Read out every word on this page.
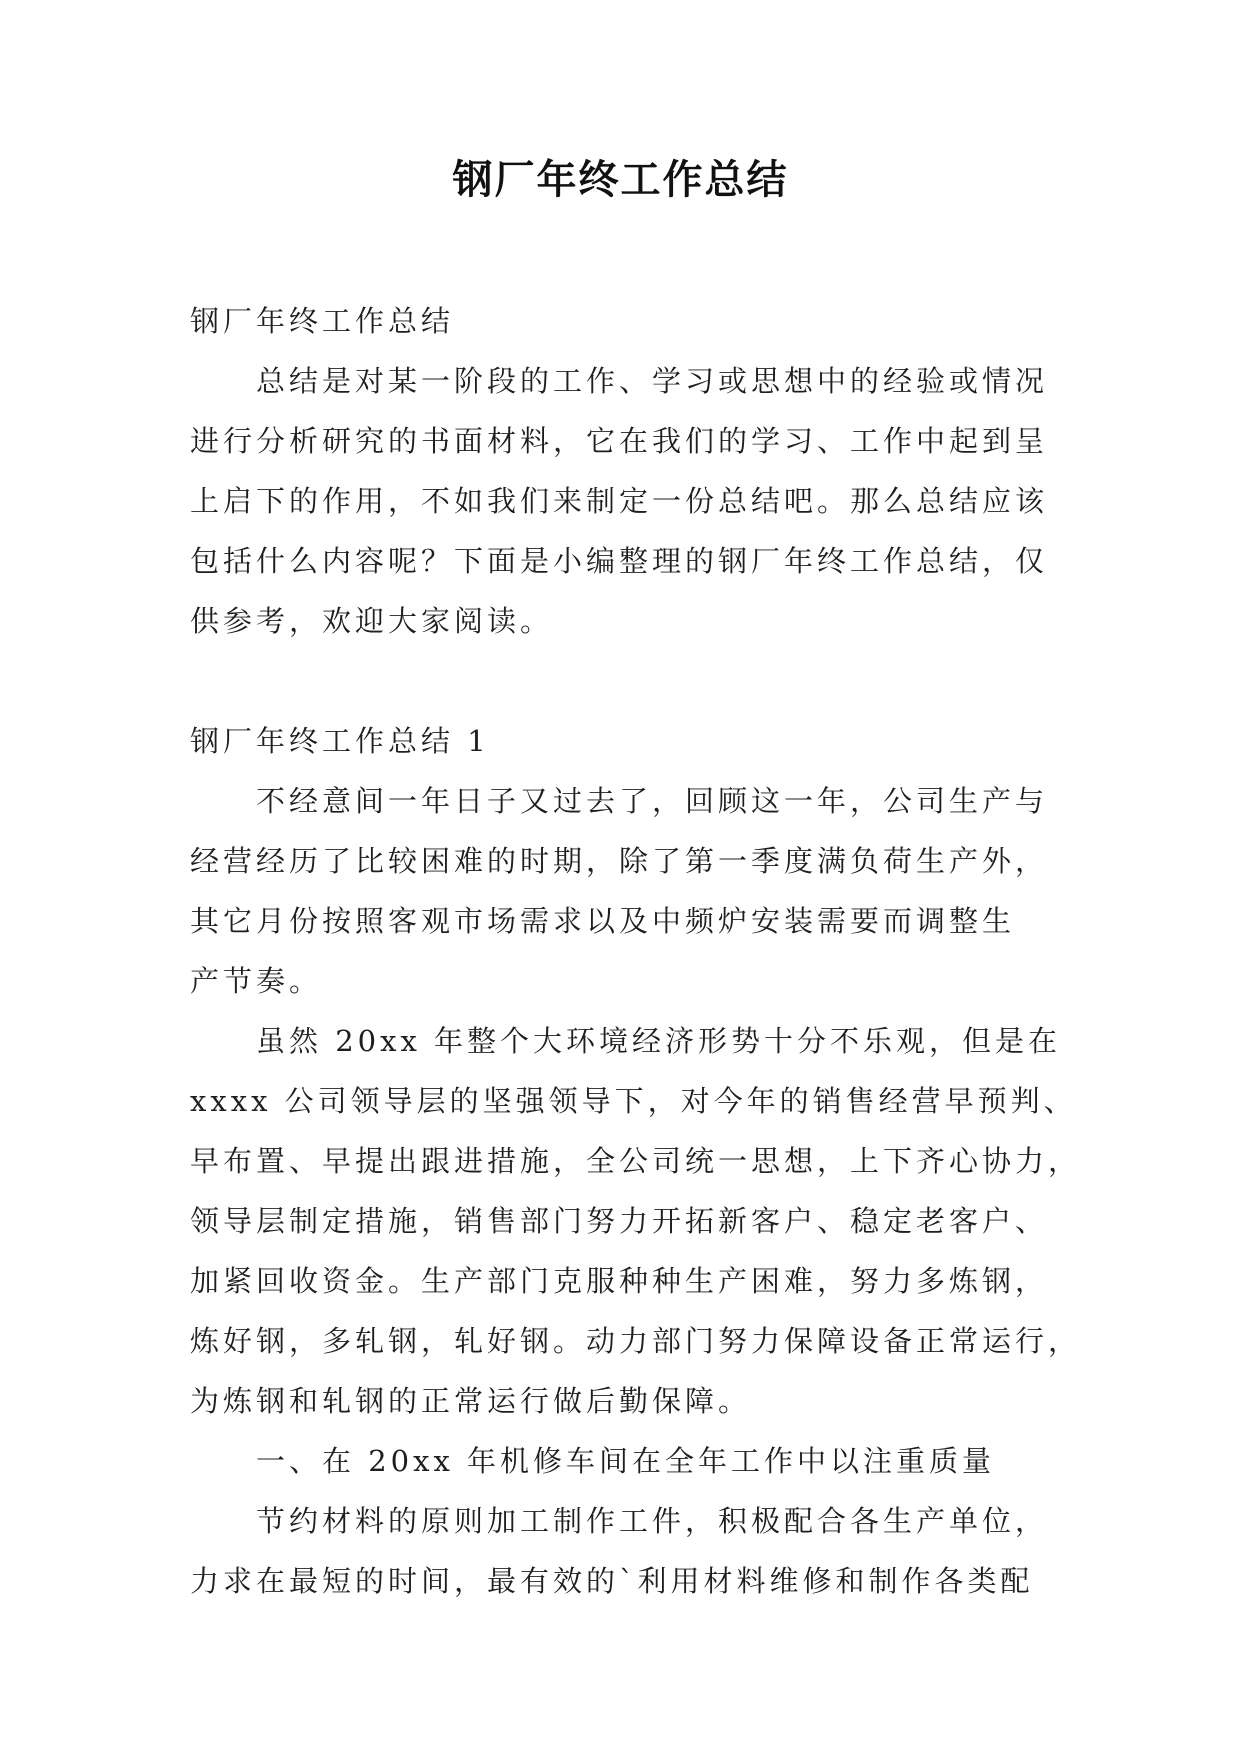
钢厂年终工作总结
钢厂年终工作总结
总结是对某一阶段的工作、学习或思想中的经验或情况
进行分析研究的书面材料，它在我们的学习、工作中起到呈
上启下的作用，不如我们来制定一份总结吧。那么总结应该
包括什么内容呢？下面是小编整理的钢厂年终工作总结，仅
供参考，欢迎大家阅读。
钢厂年终工作总结 1
不经意间一年日子又过去了，回顾这一年，公司生产与
经营经历了比较困难的时期，除了第一季度满负荷生产外，
其它月份按照客观市场需求以及中频炉安装需要而调整生
产节奏。
虽然 20xx 年整个大环境经济形势十分不乐观，但是在
xxxx 公司领导层的坚强领导下，对今年的销售经营早预判、
早布置、早提出跟进措施，全公司统一思想，上下齐心协力，
领导层制定措施，销售部门努力开拓新客户、稳定老客户、
加紧回收资金。生产部门克服种种生产困难，努力多炼钢，
炼好钢，多轧钢，轧好钢。动力部门努力保障设备正常运行，
为炼钢和轧钢的正常运行做后勤保障。
一、在 20xx 年机修车间在全年工作中以注重质量
节约材料的原则加工制作工件，积极配合各生产单位，
力求在最短的时间，最有效的`利用材料维修和制作各类配
